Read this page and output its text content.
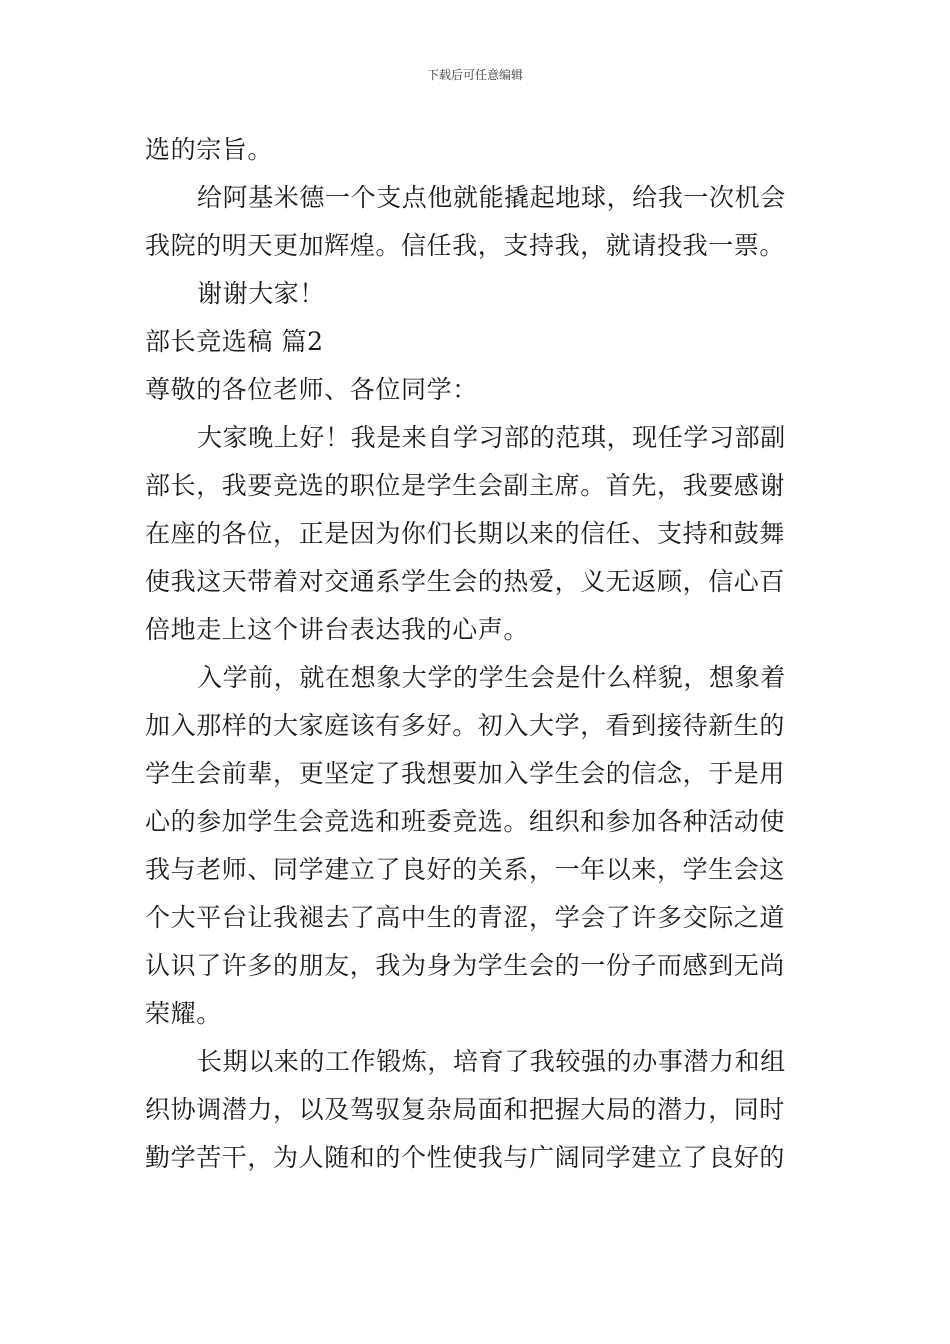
下载后可任意编辑
选的宗旨。
给阿基米德一个支点他就能撬起地球，给我一次机会
我院的明天更加辉煌。信任我，支持我，就请投我一票。
谢谢大家！
部长竞选稿 篇2
尊敬的各位老师、各位同学：
大家晚上好！我是来自学习部的范琪，现任学习部副
部长，我要竞选的职位是学生会副主席。首先，我要感谢
在座的各位，正是因为你们长期以来的信任、支持和鼓舞
使我这天带着对交通系学生会的热爱，义无返顾，信心百
倍地走上这个讲台表达我的心声。
入学前，就在想象大学的学生会是什么样貌，想象着
加入那样的大家庭该有多好。初入大学，看到接待新生的
学生会前辈，更坚定了我想要加入学生会的信念，于是用
心的参加学生会竞选和班委竞选。组织和参加各种活动使
我与老师、同学建立了良好的关系，一年以来，学生会这
个大平台让我褪去了高中生的青涩，学会了许多交际之道
认识了许多的朋友，我为身为学生会的一份子而感到无尚
荣耀。
长期以来的工作锻炼，培育了我较强的办事潜力和组
织协调潜力，以及驾驭复杂局面和把握大局的潜力，同时
勤学苦干，为人随和的个性使我与广阔同学建立了良好的
